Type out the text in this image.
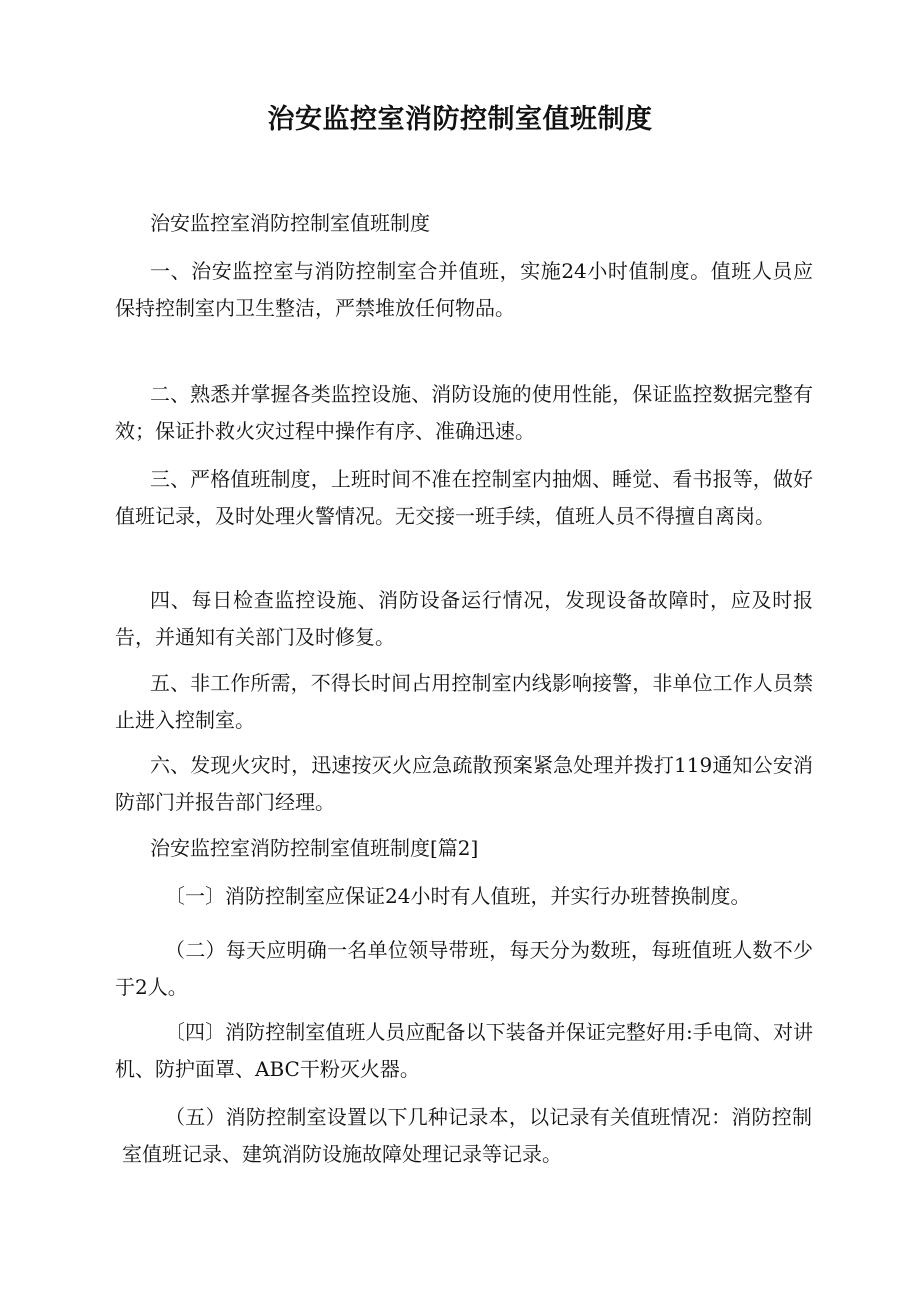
治安监控室消防控制室值班制度

治安监控室消防控制室值班制度

一、治安监控室与消防控制室合并值班，实施24小时值制度。值班人员应保持控制室内卫生整洁，严禁堆放任何物品。

二、熟悉并掌握各类监控设施、消防设施的使用性能，保证监控数据完整有效；保证扑救火灾过程中操作有序、准确迅速。

三、严格值班制度，上班时间不准在控制室内抽烟、睡觉、看书报等，做好值班记录，及时处理火警情况。无交接一班手续，值班人员不得擅自离岗。

四、每日检查监控设施、消防设备运行情况，发现设备故障时，应及时报告，并通知有关部门及时修复。

五、非工作所需，不得长时间占用控制室内线影响接警，非单位工作人员禁止进入控制室。

六、发现火灾时，迅速按灭火应急疏散预案紧急处理并拨打119通知公安消防部门并报告部门经理。

治安监控室消防控制室值班制度[篇2]

〔一〕消防控制室应保证24小时有人值班，并实行办班替换制度。

（二）每天应明确一名单位领导带班，每天分为数班，每班值班人数不少于2人。

〔四〕消防控制室值班人员应配备以下装备并保证完整好用:手电筒、对讲机、防护面罩、ABC干粉灭火器。

（五）消防控制室设置以下几种记录本，以记录有关值班情况：消防控制室值班记录、建筑消防设施故障处理记录等记录。
